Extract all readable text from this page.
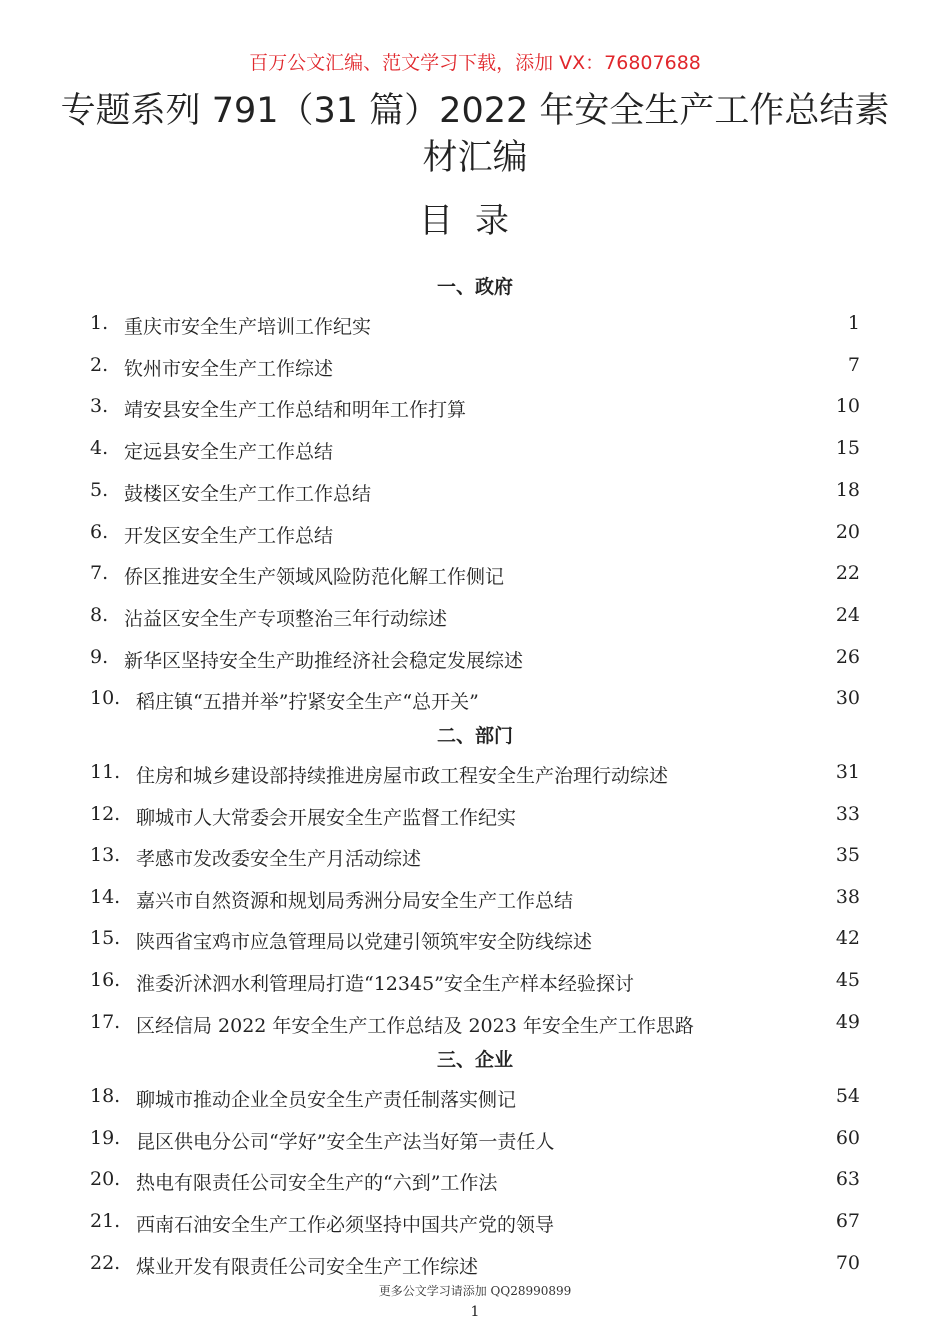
百万公文汇编、范文学习下载，添加 VX：76807688
专题系列 791（31 篇）2022 年安全生产工作总结素材汇编
目录
一、政府
1. 重庆市安全生产培训工作纪实	1
2. 钦州市安全生产工作综述	7
3. 靖安县安全生产工作总结和明年工作打算	10
4. 定远县安全生产工作总结	15
5. 鼓楼区安全生产工作工作总结	18
6. 开发区安全生产工作总结	20
7. 侨区推进安全生产领域风险防范化解工作侧记	22
8. 沾益区安全生产专项整治三年行动综述	24
9. 新华区坚持安全生产助推经济社会稳定发展综述	26
10. 稻庄镇“五措并举”拧紧安全生产“总开关”	30
二、部门
11. 住房和城乡建设部持续推进房屋市政工程安全生产治理行动综述	31
12. 聊城市人大常委会开展安全生产监督工作纪实	33
13. 孝感市发改委安全生产月活动综述	35
14. 嘉兴市自然资源和规划局秀洲分局安全生产工作总结	38
15. 陕西省宝鸡市应急管理局以党建引领筑牢安全防线综述	42
16. 淮委沂沭泗水利管理局打造“12345”安全生产样本经验探讨	45
17. 区经信局 2022 年安全生产工作总结及 2023 年安全生产工作思路	49
三、企业
18. 聊城市推动企业全员安全生产责任制落实侧记	54
19. 昆区供电分公司“学好”安全生产法当好第一责任人	60
20. 热电有限责任公司安全生产的“六到”工作法	63
21. 西南石油安全生产工作必须坚持中国共产党的领导	67
22. 煤业开发有限责任公司安全生产工作综述	70
更多公文学习请添加 QQ28990899
1
